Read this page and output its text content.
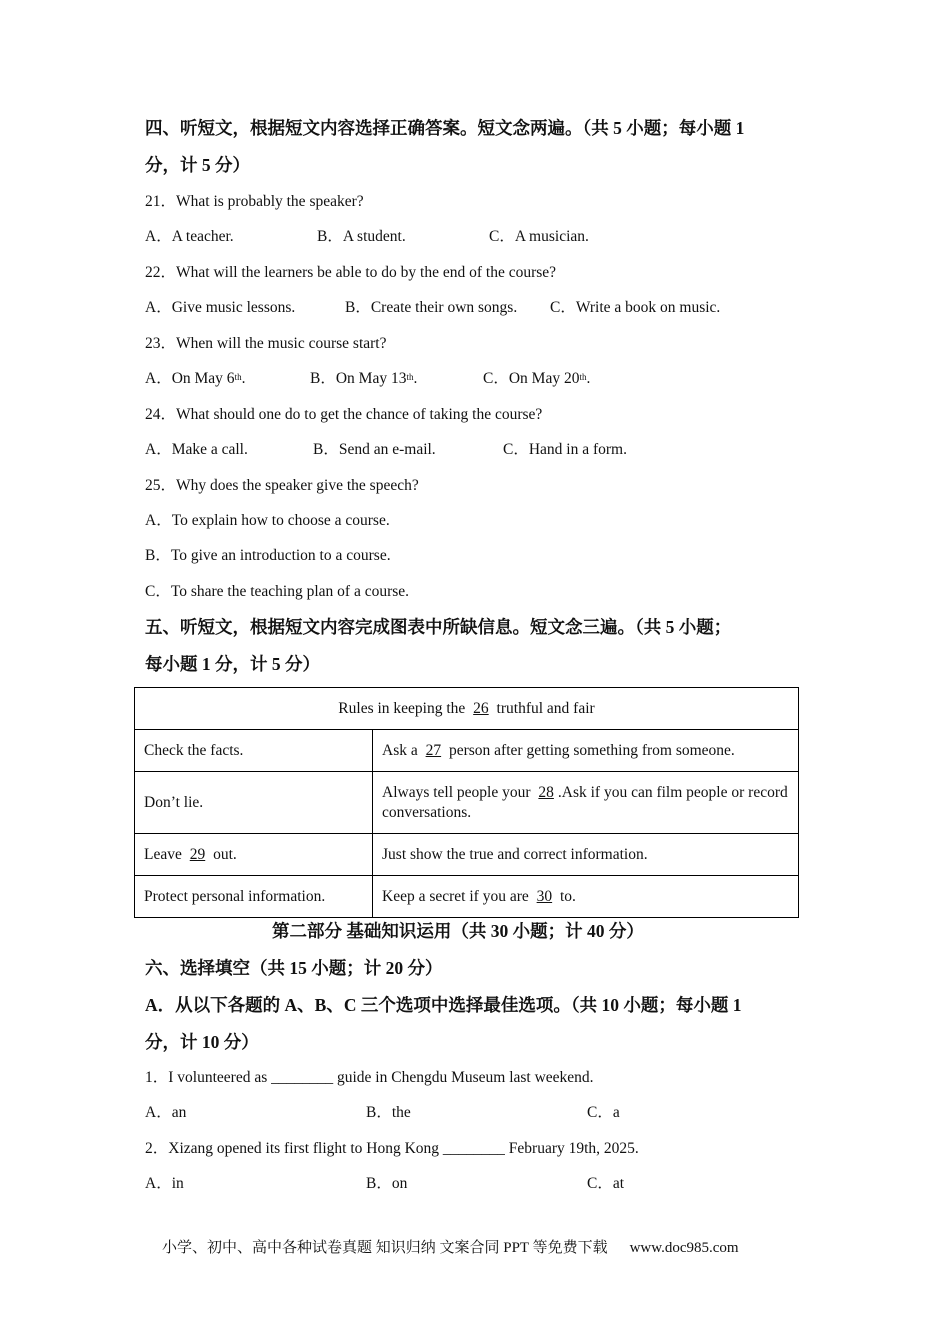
四、听短文，根据短文内容选择正确答案。短文念两遍。（共 5 小题；每小题 1
分，计 5 分）
21．What is probably the speaker?
A．A teacher.	B．A student.	C．A musician.
22．What will the learners be able to do by the end of the course?
A．Give music lessons.	B．Create their own songs. C．Write a book on music.
23．When will the music course start?
A．On May 6th.	B．On May 13th.	C．On May 20th.
24．What should one do to get the chance of taking the course?
A．Make a call.	B．Send an e-mail.	C．Hand in a form.
25．Why does the speaker give the speech?
A．To explain how to choose a course.
B．To give an introduction to a course.
C．To share the teaching plan of a course.
五、听短文，根据短文内容完成图表中所缺信息。短文念三遍。（共 5 小题；
每小题 1 分，计 5 分）
Rules in keeping the 26 truthful and fair	
Check the facts.	Ask a 27 person after getting something from someone.
Don’t lie.	Always tell people your 28 .Ask if you can film people or record conversations.
Leave 29 out.	Just show the true and correct information.
Protect personal information.	Keep a secret if you are 30 to.
第二部分 基础知识运用（共 30 小题；计 40 分）
六、选择填空（共 15 小题；计 20 分）
A．从以下各题的 A、B、C 三个选项中选择最佳选项。（共 10 小题；每小题 1
分，计 10 分）
1．I volunteered as ________ guide in Chengdu Museum last weekend.
A．an	B．the	C．a
2．Xizang opened its first flight to Hong Kong ________ February 19th, 2025.
A．in	B．on	C．at
小学、初中、高中各种试卷真题 知识归纳 文案合同 PPT 等免费下载 www.doc985.com
